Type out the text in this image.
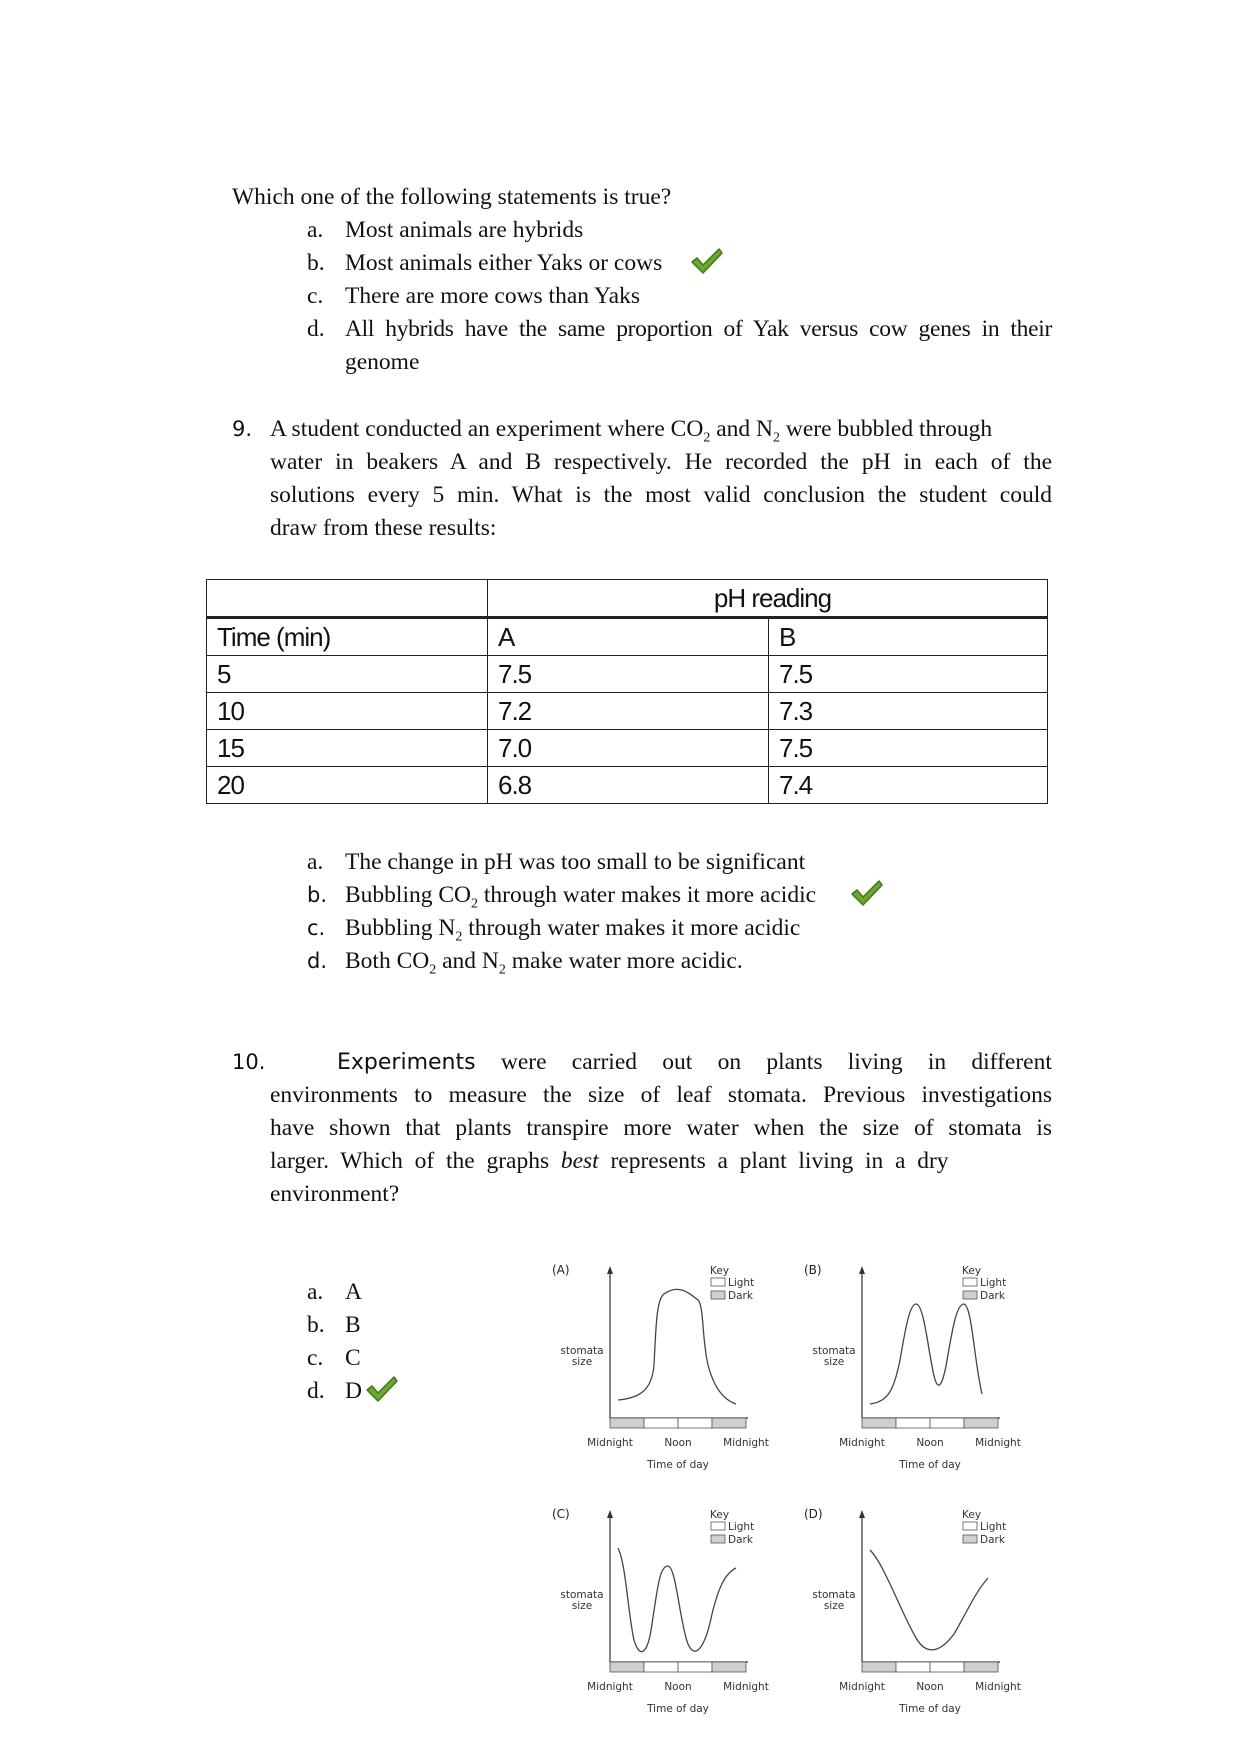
Which one of the following statements is true?
a. Most animals are hybrids
b. Most animals either Yaks or cows
c. There are more cows than Yaks
d. All hybrids have the same proportion of Yak versus cow genes in their
genome
9. A student conducted an experiment where $CO_2$ and $N_2$ were bubbled through
water in beakers A and B respectively. He recorded the pH in each of the
solutions every 5 min. What is the most valid conclusion the student could
draw from these results:
	pH reading	
Time (min)	A	B
5	7.5	7.5
10	7.2	7.3
15	7.0	7.5
20	6.8	7.4
a. The change in pH was too small to be significant
b. Bubbling $CO_2$ through water makes it more acidic
c. Bubbling $N_2$ through water makes it more acidic
d. Both $CO_2$ and $N_2$ make water more acidic.
10.	Experiments were carried out on plants living in different
environments to measure the size of leaf stomata. Previous investigations
have shown that plants transpire more water when the size of stomata is
larger.  Which  of  the  graphs  best  represents  a  plant  living  in  a  dry
environment?
a. A
b. B
c. C
d. D
(A)
stomata
size
Key
Light
Dark
Midnight	Noon	Midnight
Time of day
(B)
stomata
size
Key
Light
Dark
Midnight	Noon	Midnight
Time of day
(C)
stomata
size
Key
Light
Dark
Midnight	Noon	Midnight
Time of day
(D)
stomata
size
Key
Light
Dark
Midnight	Noon	Midnight
Time of day
